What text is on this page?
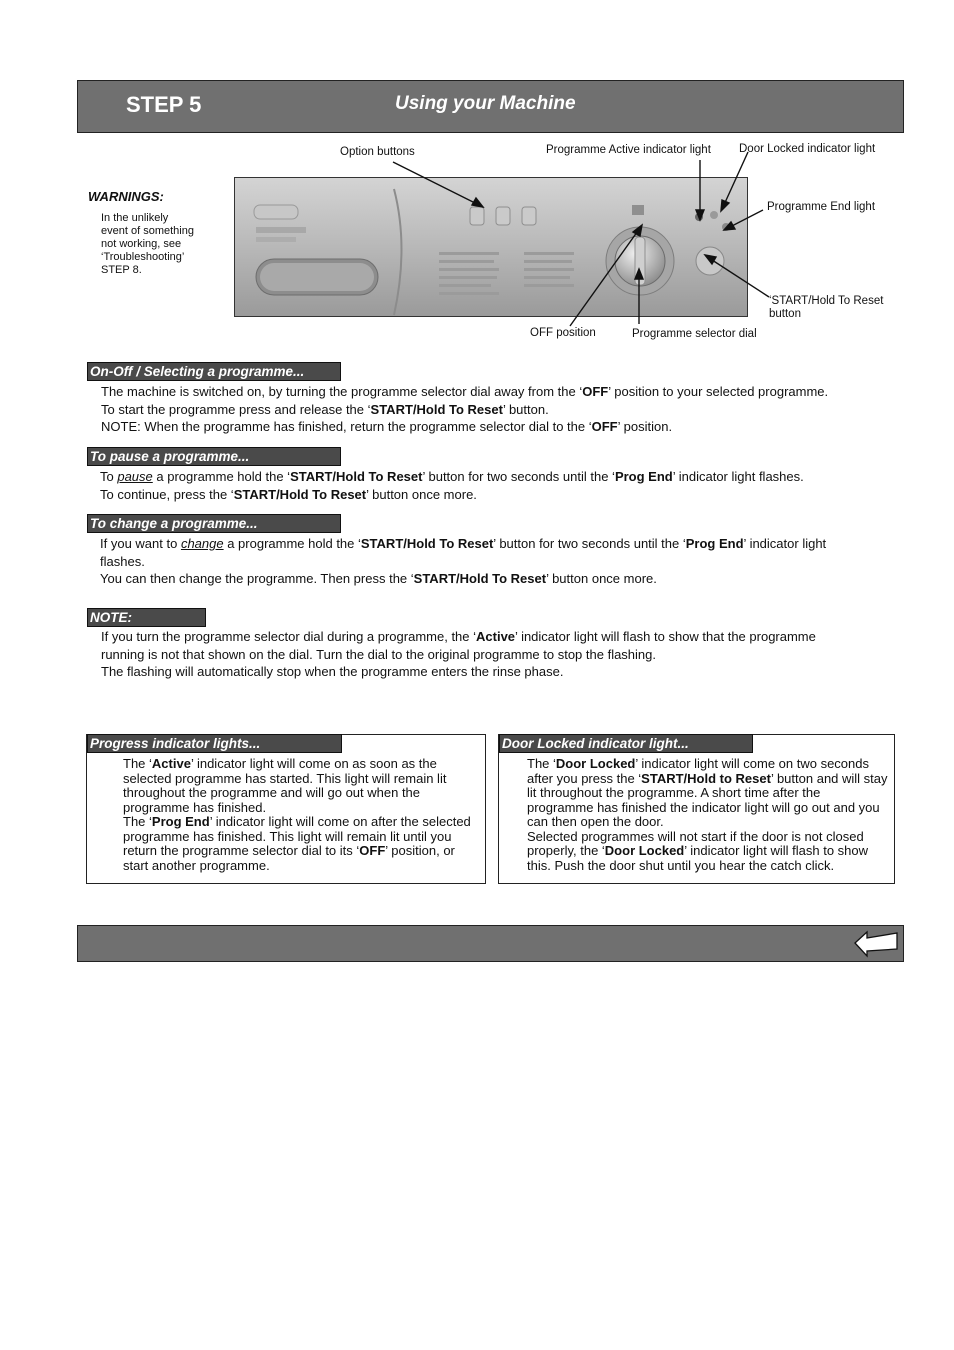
STEP 5	Using your Machine
Option buttons	Programme Active indicator light Door Locked indicator light
Programme End light
‘START/Hold To Reset
button
OFF position	Programme selector dial
WARNINGS:
In the unlikely
event of something
not working, see
‘Troubleshooting’
STEP 8.
On-Off / Selecting a programme...

The machine is switched on, by turning the programme selector dial away from the ‘OFF’ position to your selected programme.

To start the programme press and release the ‘START/Hold To Reset’ button.

NOTE: When the programme has finished, return the programme selector dial to the ‘OFF’ position.

To pause a programme...

To pause a programme hold the ‘START/Hold To Reset’ button for two seconds until the ‘Prog End’ indicator light flashes.

To continue, press the ‘START/Hold To Reset’ button once more.

To change a programme...

If you want to change a programme hold the ‘START/Hold To Reset’ button for two seconds until the ‘Prog End’ indicator light

flashes.

You can then change the programme. Then press the ‘START/Hold To Reset’ button once more.

NOTE:

If you turn the programme selector dial during a programme, the ‘Active’ indicator light will flash to show that the programme

running is not that shown on the dial. Turn the dial to the original programme to stop the flashing.

The flashing will automatically stop when the programme enters the rinse phase.

Progress indicator lights...

The ‘Active’ indicator light will come on as soon as the selected programme has started. This light will remain lit throughout the programme and will go out when the programme has finished.

The ‘Prog End’ indicator light will come on after the selected programme has finished. This light will remain lit until you return the programme selector dial to its ‘OFF’ position, or start another programme.

Door Locked indicator light...

The ‘Door Locked’ indicator light will come on two seconds after you press the ‘START/Hold to Reset’ button and will stay lit throughout the programme. A short time after the programme has finished the indicator light will go out and you can then open the door.

Selected programmes will not start if the door is not closed properly, the ‘Door Locked’ indicator light will flash to show this. Push the door shut until you hear the catch click.
